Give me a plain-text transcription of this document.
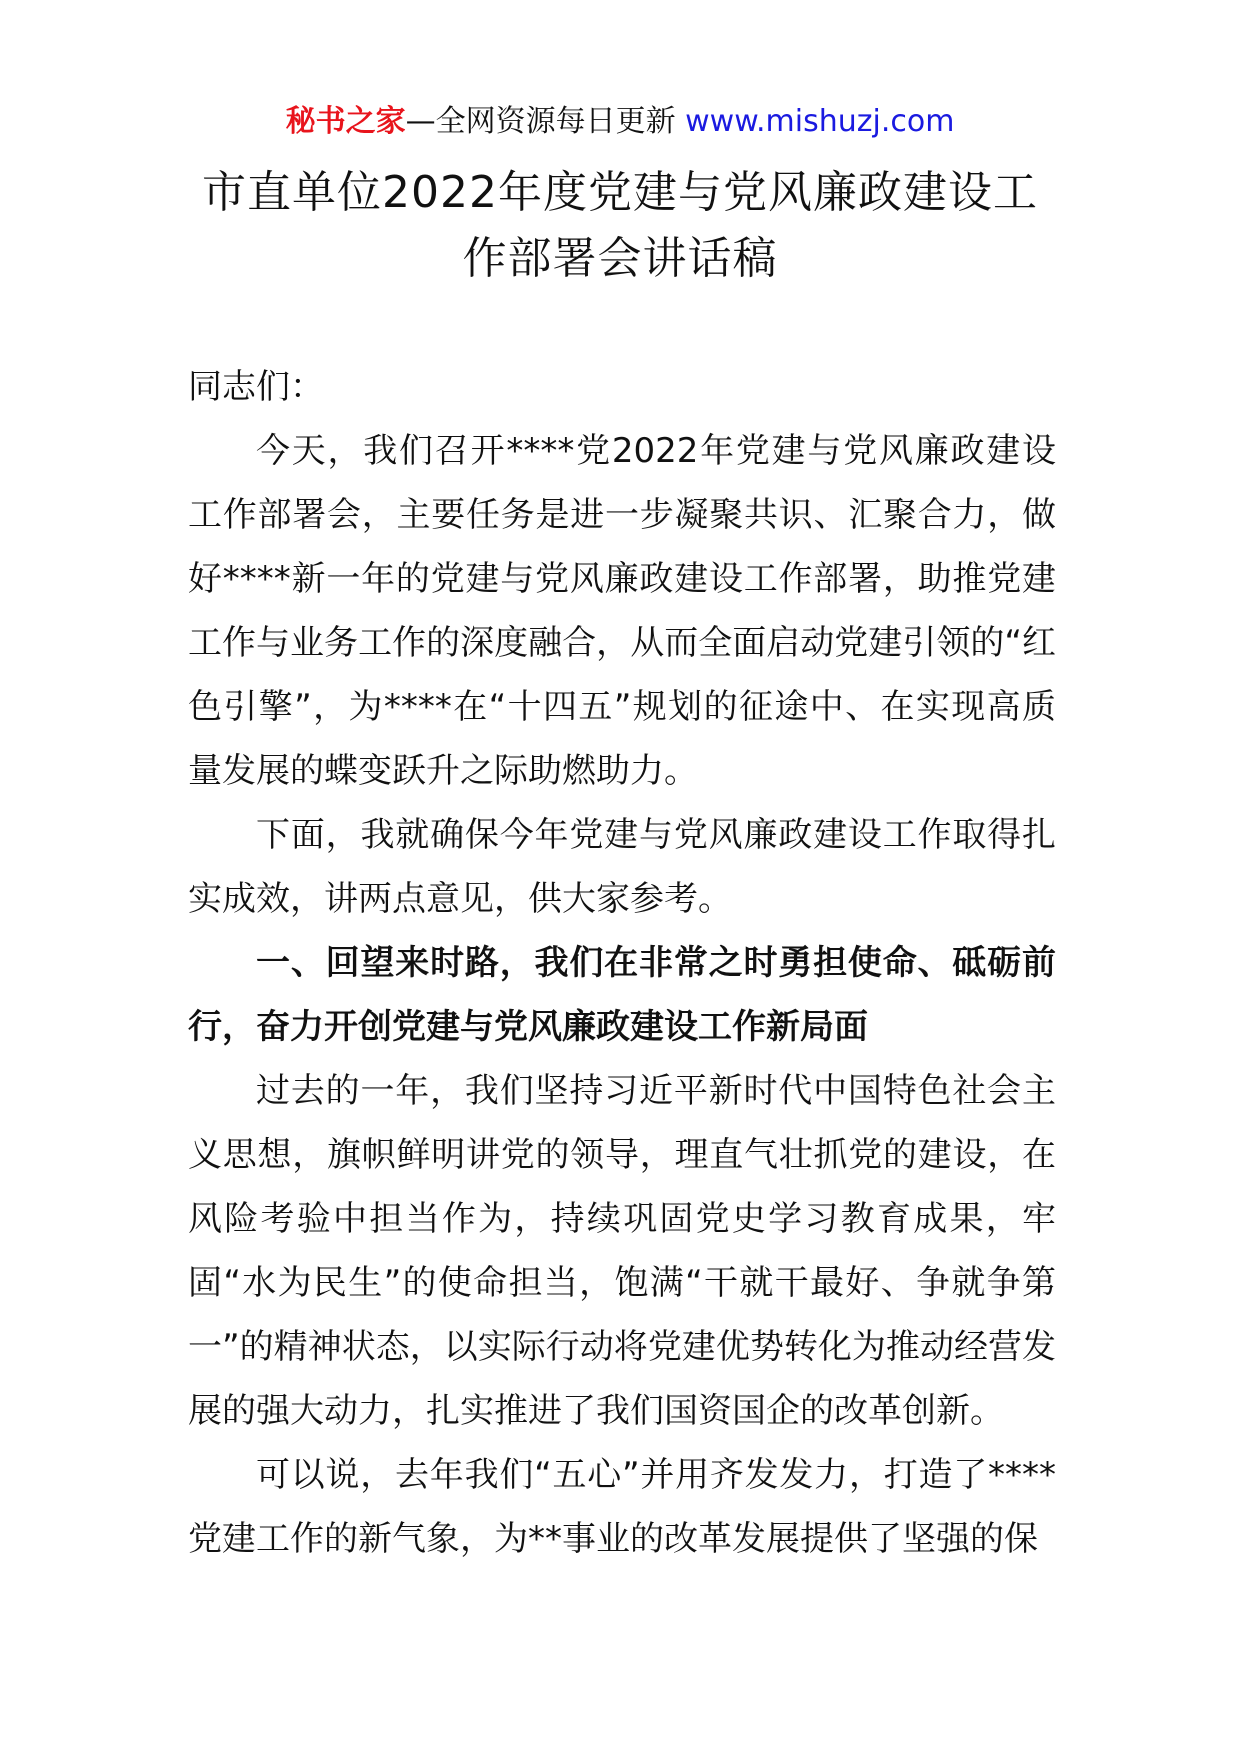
秘书之家—全网资源每日更新 www.mishuzj.com
市直单位2022年度党建与党风廉政建设工
作部署会讲话稿

同志们：

今天，我们召开****党2022年党建与党风廉政建设工作部署会，主要任务是进一步凝聚共识、汇聚合力，做好****新一年的党建与党风廉政建设工作部署，助推党建工作与业务工作的深度融合，从而全面启动党建引领的“红色引擎”，为****在“十四五”规划的征途中、在实现高质量发展的蝶变跃升之际助燃助力。

下面，我就确保今年党建与党风廉政建设工作取得扎实成效，讲两点意见，供大家参考。

一、回望来时路，我们在非常之时勇担使命、砥砺前行，奋力开创党建与党风廉政建设工作新局面

过去的一年，我们坚持习近平新时代中国特色社会主义思想，旗帜鲜明讲党的领导，理直气壮抓党的建设，在风险考验中担当作为，持续巩固党史学习教育成果，牢固“水为民生”的使命担当，饱满“干就干最好、争就争第一”的精神状态，以实际行动将党建优势转化为推动经营发展的强大动力，扎实推进了我们国资国企的改革创新。

可以说，去年我们“五心”并用齐发发力，打造了****党建工作的新气象，为**事业的改革发展提供了坚强的保
